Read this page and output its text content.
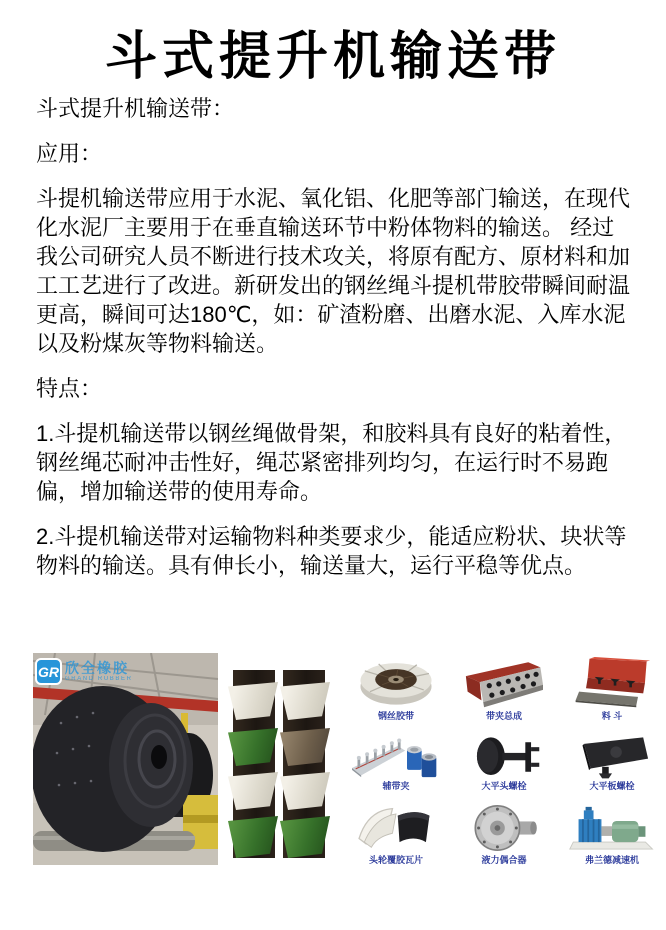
斗式提升机输送带

斗式提升机输送带：

应用：

斗提机输送带应用于水泥、氧化铝、化肥等部门输送，在现代化水泥厂主要用于在垂直输送环节中粉体物料的输送。 经过我公司研究人员不断进行技术攻关，将原有配方、原材料和加工工艺进行了改进。新研发出的钢丝绳斗提机带胶带瞬间耐温更高，瞬间可达180℃，如：矿渣粉磨、出磨水泥、入库水泥以及粉煤灰等物料输送。

特点：

1.斗提机输送带以钢丝绳做骨架，和胶料具有良好的粘着性，钢丝绳芯耐冲击性好，绳芯紧密排列均匀，在运行时不易跑偏，增加输送带的使用寿命。

2.斗提机输送带对运输物料种类要求少，能适应粉状、块状等物料的输送。具有伸长小，输送量大，运行平稳等优点。

GR 欣全橡胶
GRAND RUBBER
钢丝胶带	带夹总成	料 斗
辅带夹	大平头螺栓	大平板螺栓
头轮覆胶瓦片	液力偶合器	弗兰德减速机
